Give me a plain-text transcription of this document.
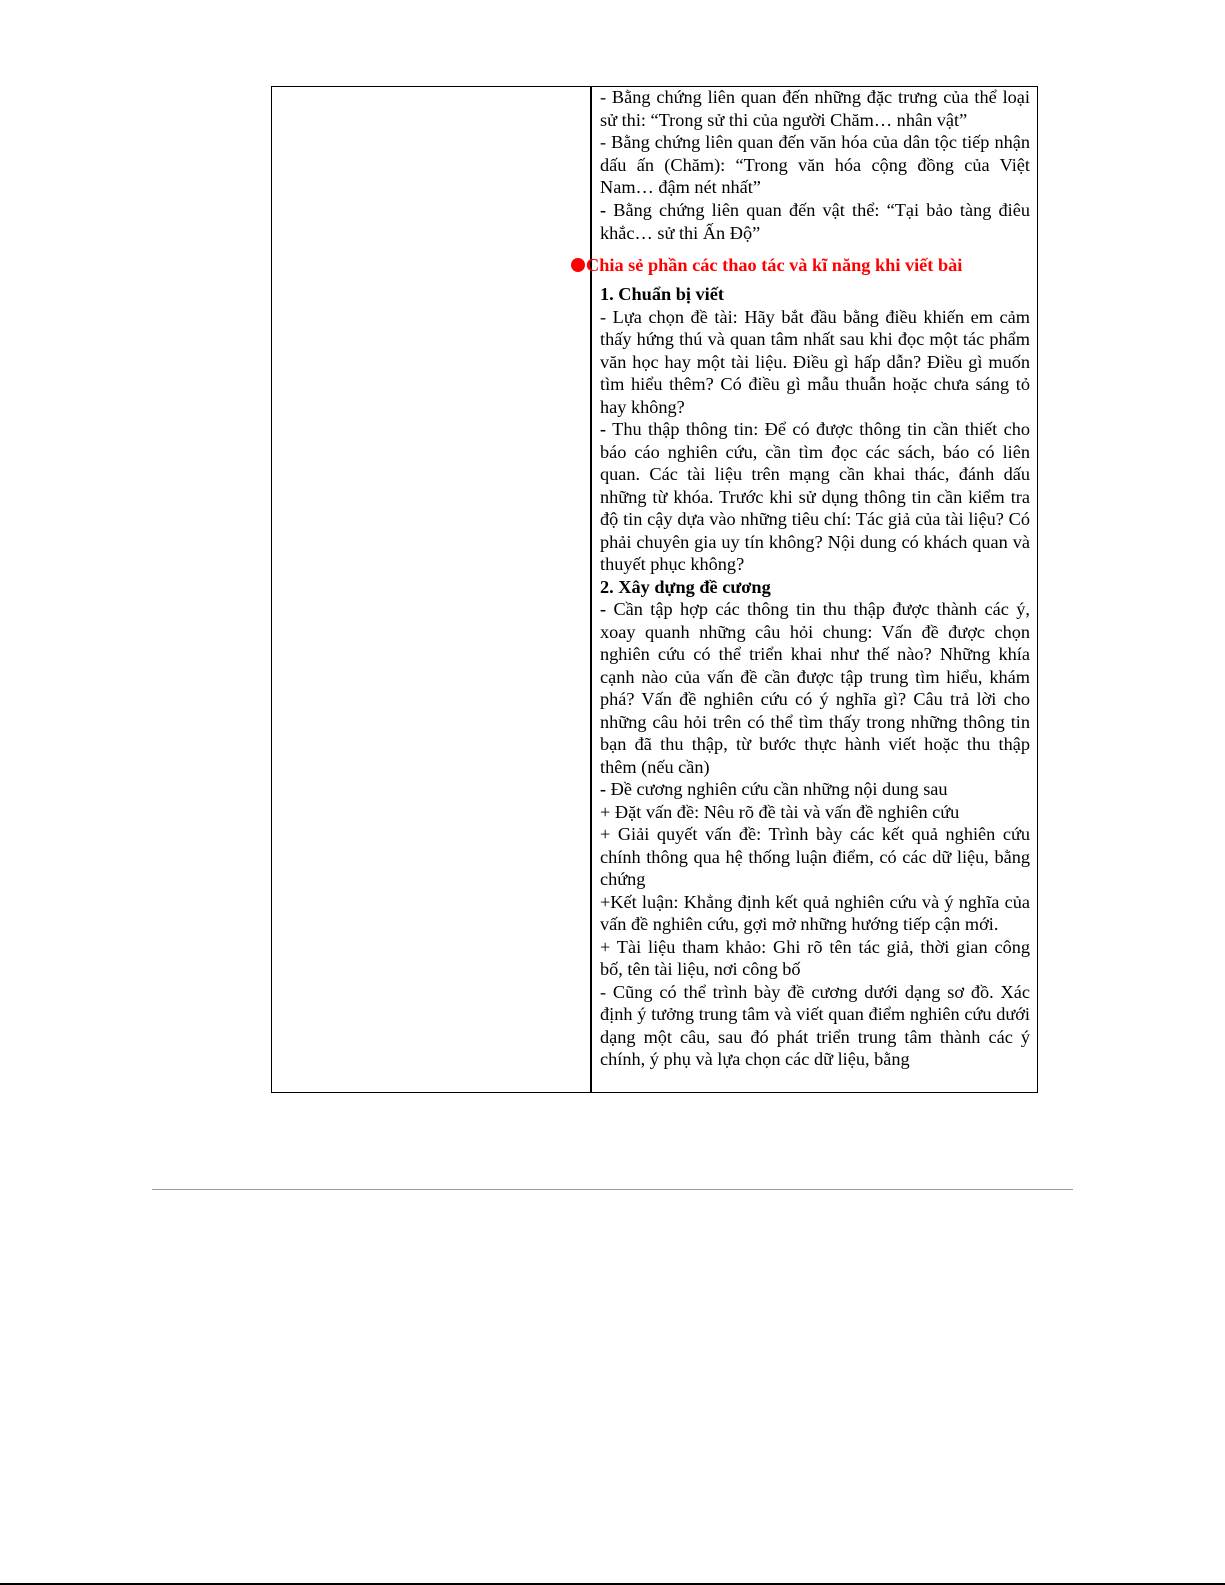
- Bằng chứng liên quan đến những đặc trưng của thể loại sử thi: “Trong sử thi của người Chăm… nhân vật”

- Bằng chứng liên quan đến văn hóa của dân tộc tiếp nhận dấu ấn (Chăm): “Trong văn hóa cộng đồng của Việt Nam… đậm nét nhất”

- Bằng chứng liên quan đến vật thể: “Tại bảo tàng điêu khắc… sử thi Ấn Độ”

Chia sẻ phần các thao tác và kĩ năng khi viết bài

1. Chuẩn bị viết

- Lựa chọn đề tài: Hãy bắt đầu bằng điều khiến em cảm thấy hứng thú và quan tâm nhất sau khi đọc một tác phẩm văn học hay một tài liệu. Điều gì hấp dẫn? Điều gì muốn tìm hiểu thêm? Có điều gì mẫu thuẫn hoặc chưa sáng tỏ hay không?

- Thu thập thông tin: Để có được thông tin cần thiết cho báo cáo nghiên cứu, cần tìm đọc các sách, báo có liên quan. Các tài liệu trên mạng cần khai thác, đánh dấu những từ khóa. Trước khi sử dụng thông tin cần kiểm tra độ tin cậy dựa vào những tiêu chí: Tác giả của tài liệu? Có phải chuyên gia uy tín không? Nội dung có khách quan và thuyết phục không?

2. Xây dựng đề cương

- Cần tập hợp các thông tin thu thập được thành các ý, xoay quanh những câu hỏi chung: Vấn đề được chọn nghiên cứu có thể triển khai như thế nào? Những khía cạnh nào của vấn đề cần được tập trung tìm hiểu, khám phá? Vấn đề nghiên cứu có ý nghĩa gì? Câu trả lời cho những câu hỏi trên có thể tìm thấy trong những thông tin bạn đã thu thập, từ bước thực hành viết hoặc thu thập thêm (nếu cần)

- Đề cương nghiên cứu cần những nội dung sau

+ Đặt vấn đề: Nêu rõ đề tài và vấn đề nghiên cứu

+ Giải quyết vấn đề: Trình bày các kết quả nghiên cứu chính thông qua hệ thống luận điểm, có các dữ liệu, bằng chứng

+Kết luận: Khẳng định kết quả nghiên cứu và ý nghĩa của vấn đề nghiên cứu, gợi mở những hướng tiếp cận mới.

+ Tài liệu tham khảo: Ghi rõ tên tác giả, thời gian công bố, tên tài liệu, nơi công bố

- Cũng có thể trình bày đề cương dưới dạng sơ đồ. Xác định ý tưởng trung tâm và viết quan điểm nghiên cứu dưới dạng một câu, sau đó phát triển trung tâm thành các ý chính, ý phụ và lựa chọn các dữ liệu, bằng
